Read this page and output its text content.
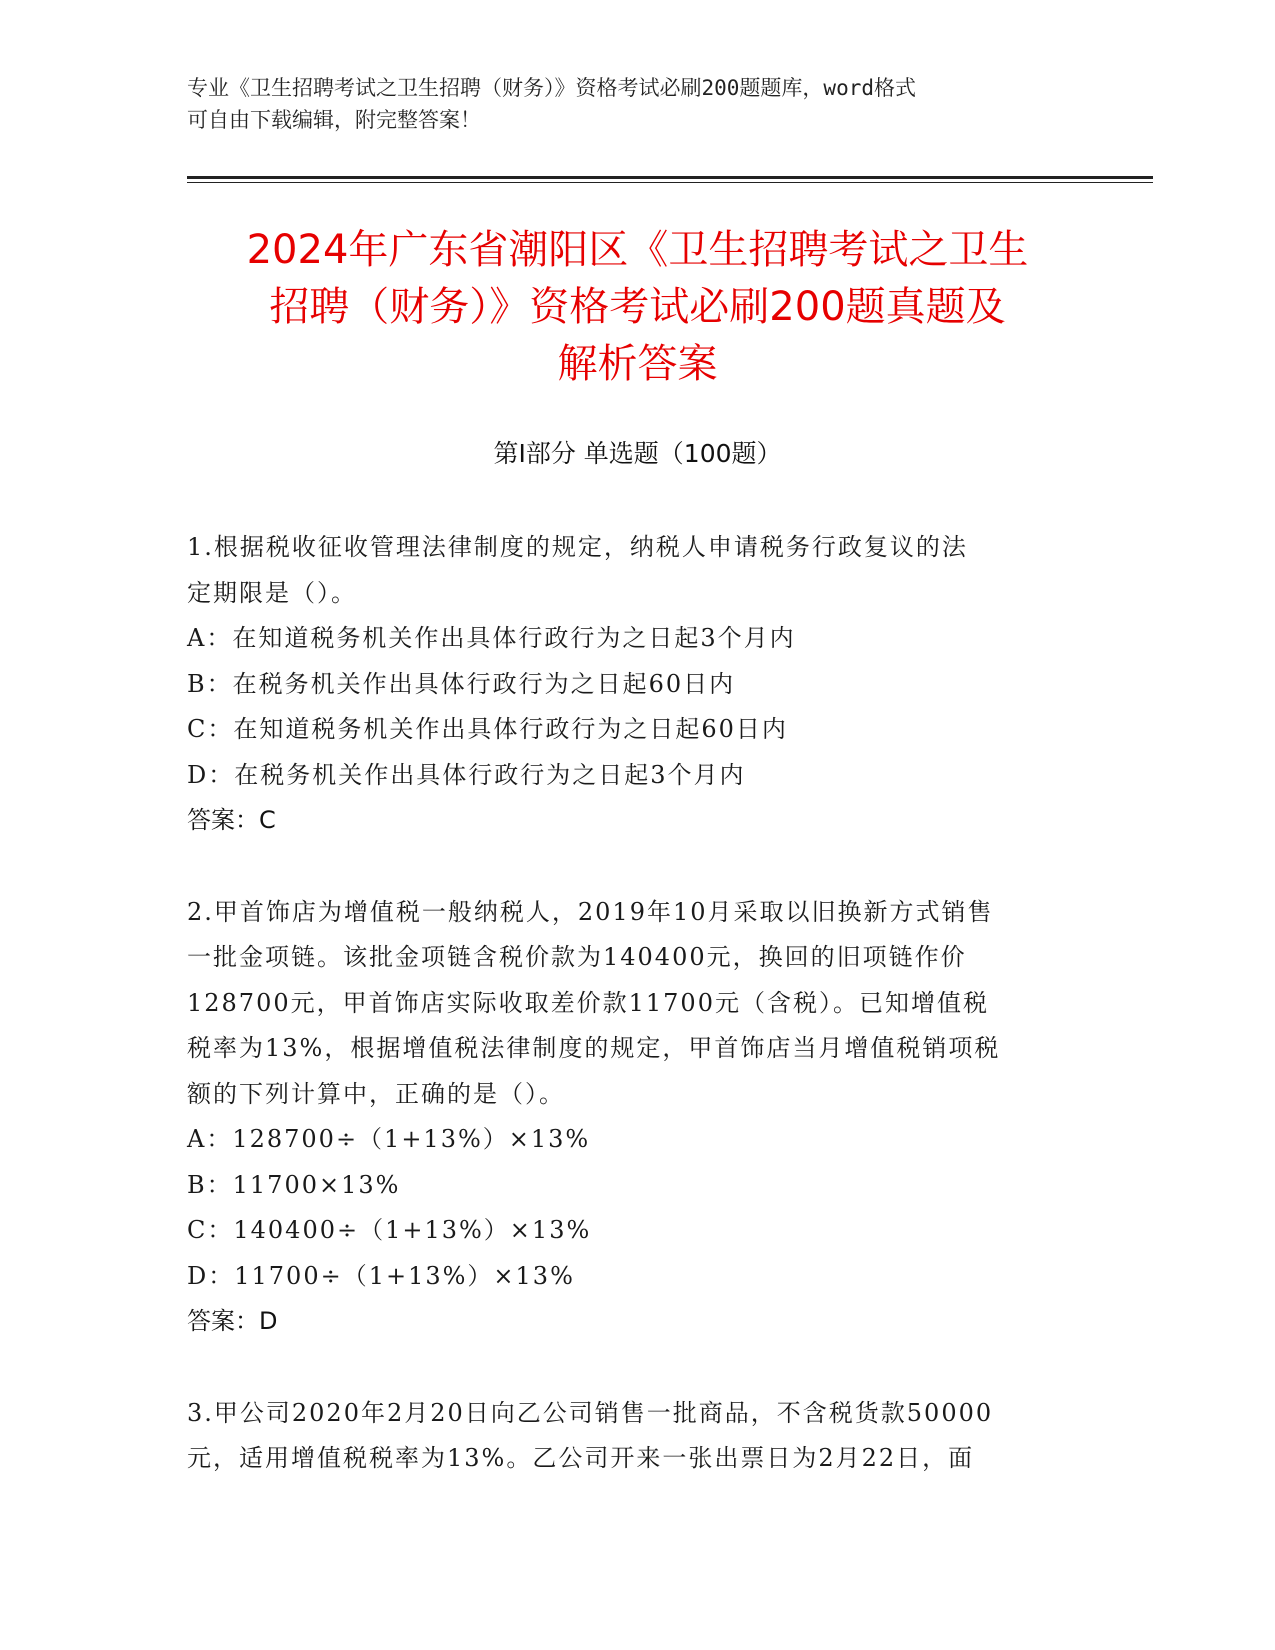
专业《卫生招聘考试之卫生招聘（财务）》资格考试必刷200题题库，word格式
可自由下载编辑，附完整答案！
2024年广东省潮阳区《卫生招聘考试之卫生
招聘（财务）》资格考试必刷200题真题及
解析答案
第Ⅰ部分 单选题（100题）
1.根据税收征收管理法律制度的规定，纳税人申请税务行政复议的法
定期限是（）。
A：在知道税务机关作出具体行政行为之日起3个月内
B：在税务机关作出具体行政行为之日起60日内
C：在知道税务机关作出具体行政行为之日起60日内
D：在税务机关作出具体行政行为之日起3个月内
答案：C
2.甲首饰店为增值税一般纳税人，2019年10月采取以旧换新方式销售
一批金项链。该批金项链含税价款为140400元，换回的旧项链作价
128700元，甲首饰店实际收取差价款11700元（含税）。已知增值税
税率为13%，根据增值税法律制度的规定，甲首饰店当月增值税销项税
额的下列计算中，正确的是（）。
A：128700÷（1+13%）×13%
B：11700×13%
C：140400÷（1+13%）×13%
D：11700÷（1+13%）×13%
答案：D
3.甲公司2020年2月20日向乙公司销售一批商品，不含税货款50000
元，适用增值税税率为13%。乙公司开来一张出票日为2月22日，面
